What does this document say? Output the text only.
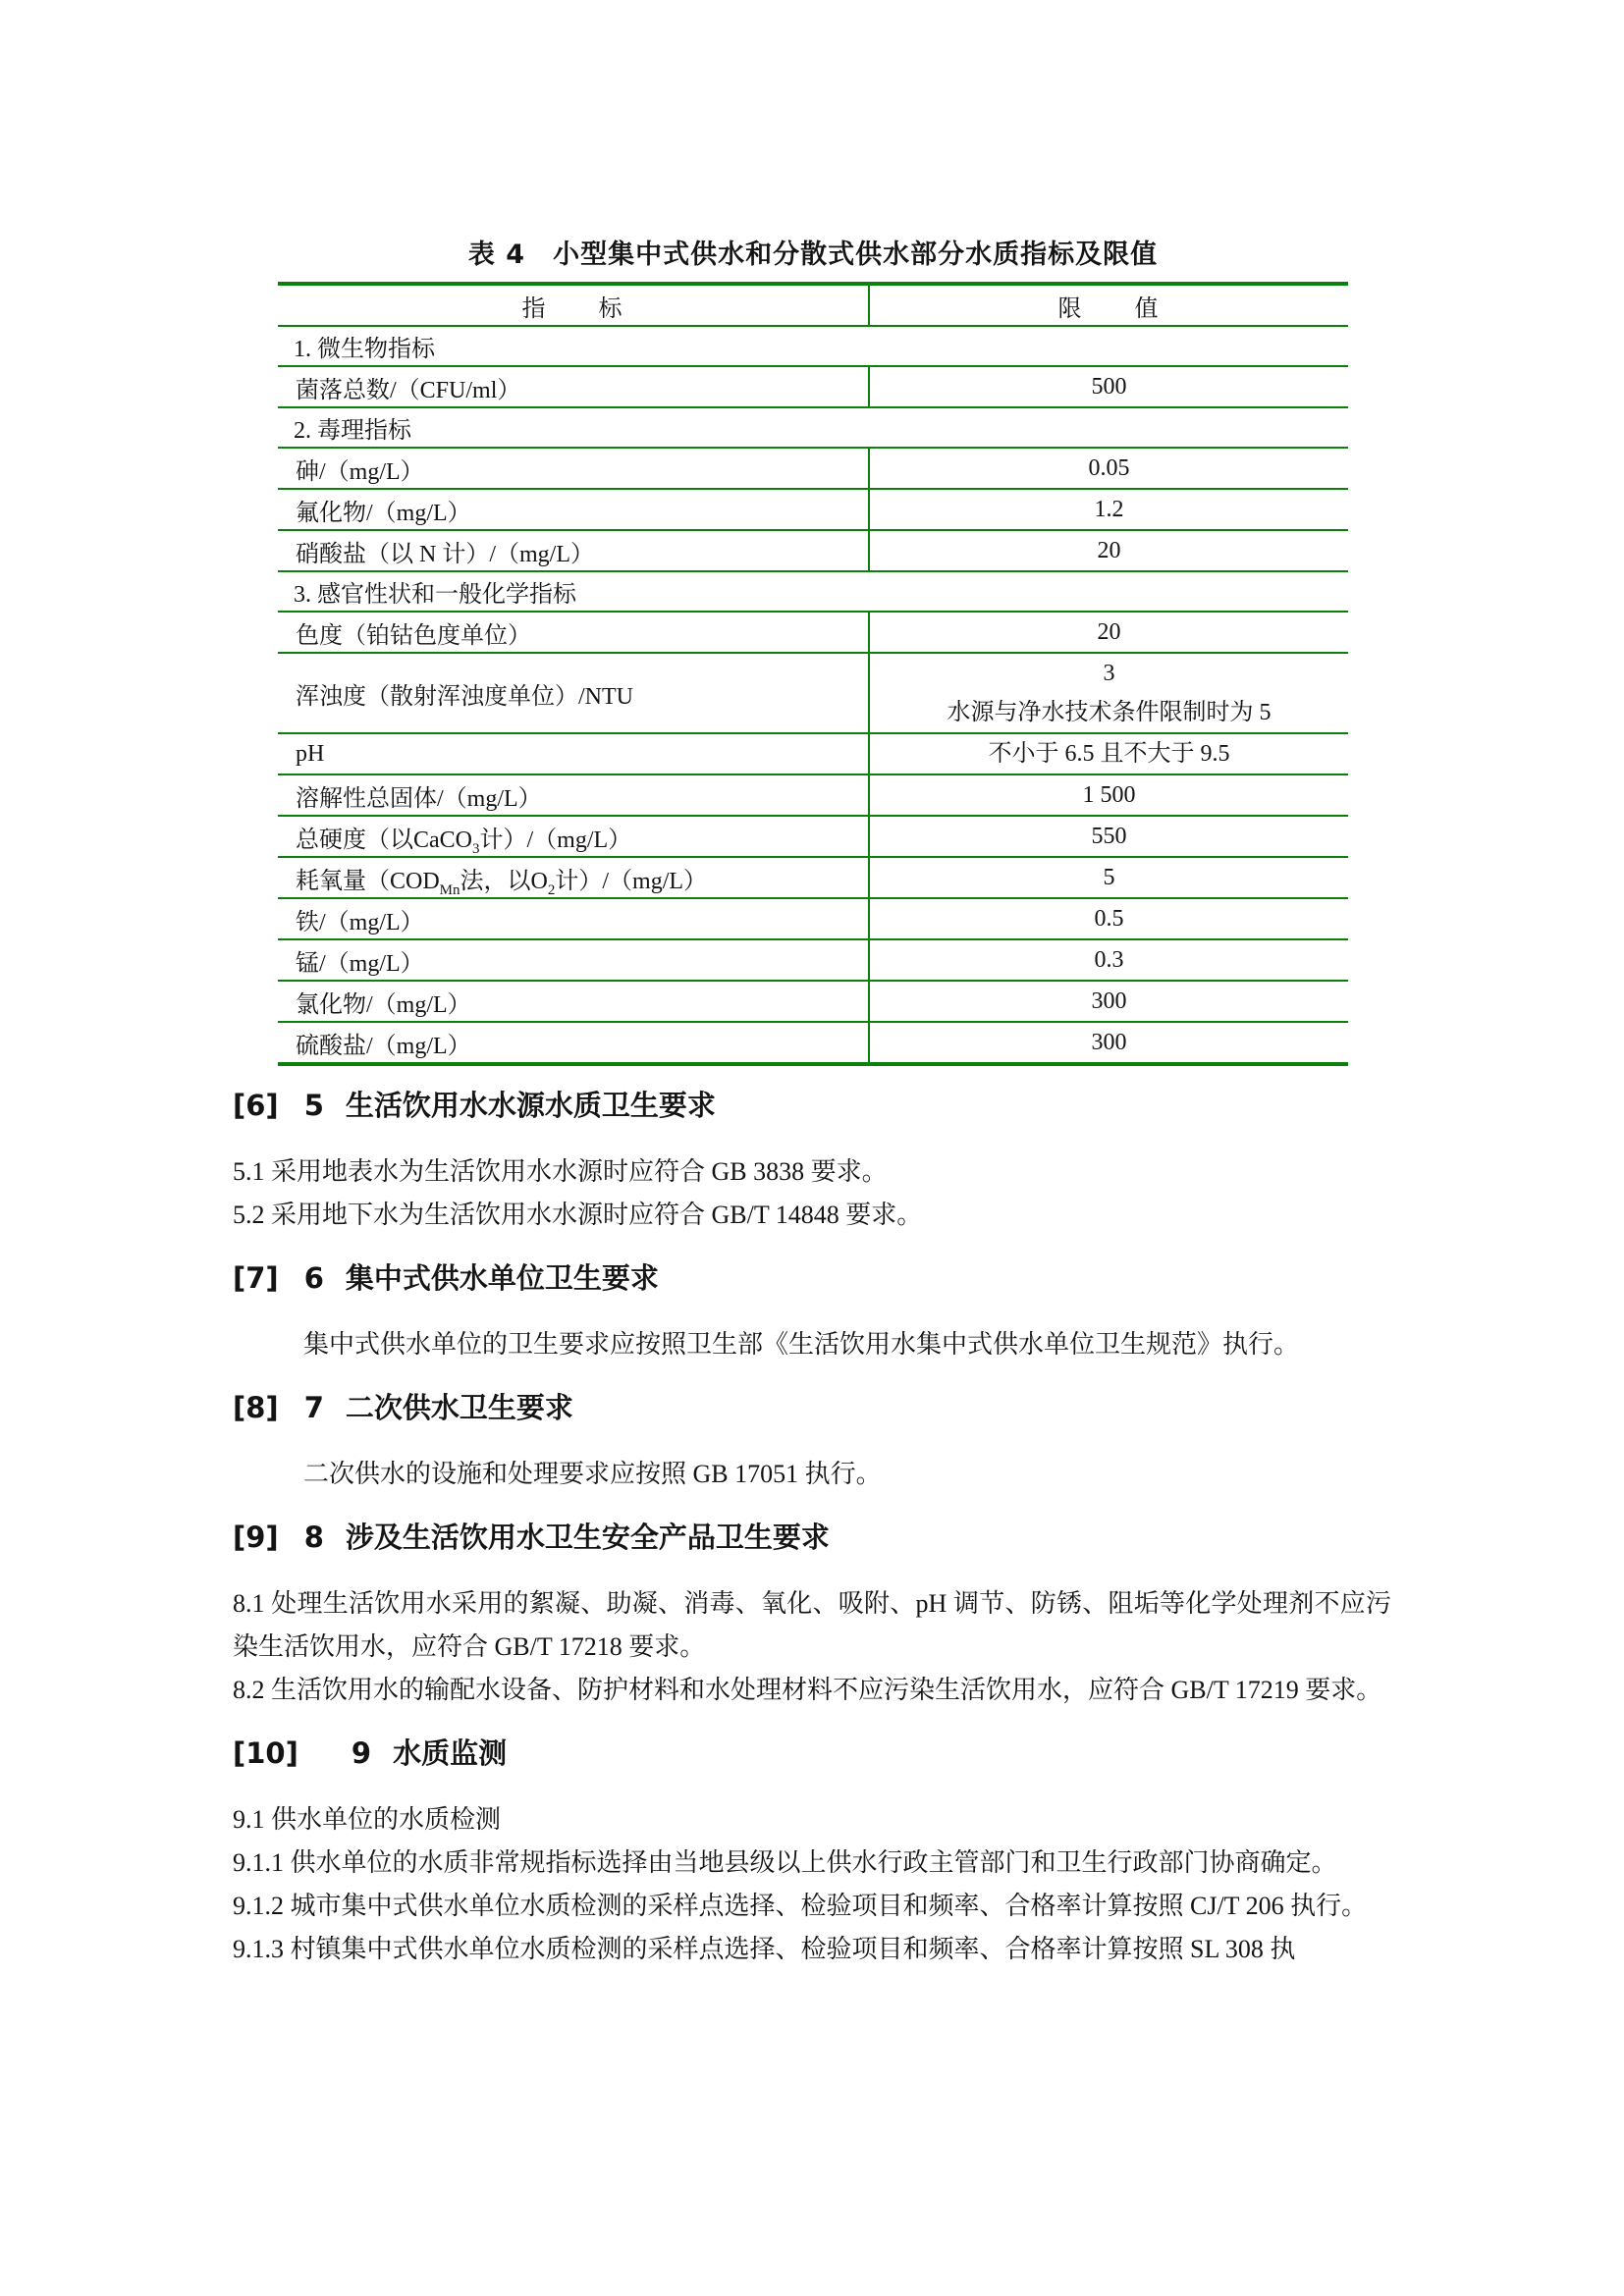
表 4　小型集中式供水和分散式供水部分水质指标及限值
指　　标	限　　值
1. 微生物指标	
菌落总数/（CFU/ml）	500

2. 毒理指标	
砷/（mg/L）	0.05

氟化物/（mg/L）	1.2

硝酸盐（以 N 计）/（mg/L）	20

3. 感官性状和一般化学指标	
色度（铂钴色度单位）	20

浑浊度（散射浑浊度单位）/NTU	3
水源与净水技术条件限制时为 5

pH	不小于 6.5 且不大于 9.5

溶解性总固体/（mg/L）	1 500

总硬度（以CaCO$_3$计）/（mg/L）	550

耗氧量（$COD_{Mn}$法，以$O_2$计）/（mg/L）	5

铁/（mg/L）	0.5

锰/（mg/L）	0.3

氯化物/（mg/L）	300

硫酸盐/（mg/L）	300
[6] 5 生活饮用水水源水质卫生要求

5.1 采用地表水为生活饮用水水源时应符合 GB 3838 要求。

5.2 采用地下水为生活饮用水水源时应符合 GB/T 14848 要求。

[7] 6 集中式供水单位卫生要求

集中式供水单位的卫生要求应按照卫生部《生活饮用水集中式供水单位卫生规范》执行。

[8] 7 二次供水卫生要求

二次供水的设施和处理要求应按照 GB 17051 执行。

[9] 8 涉及生活饮用水卫生安全产品卫生要求

8.1 处理生活饮用水采用的絮凝、助凝、消毒、氧化、吸附、pH 调节、防锈、阻垢等化学处理剂不应污染生活饮用水，应符合 GB/T 17218 要求。

8.2 生活饮用水的输配水设备、防护材料和水处理材料不应污染生活饮用水，应符合 GB/T 17219 要求。

[10] 9 水质监测

9.1 供水单位的水质检测

9.1.1 供水单位的水质非常规指标选择由当地县级以上供水行政主管部门和卫生行政部门协商确定。

9.1.2 城市集中式供水单位水质检测的采样点选择、检验项目和频率、合格率计算按照 CJ/T 206 执行。

9.1.3 村镇集中式供水单位水质检测的采样点选择、检验项目和频率、合格率计算按照 SL 308 执
